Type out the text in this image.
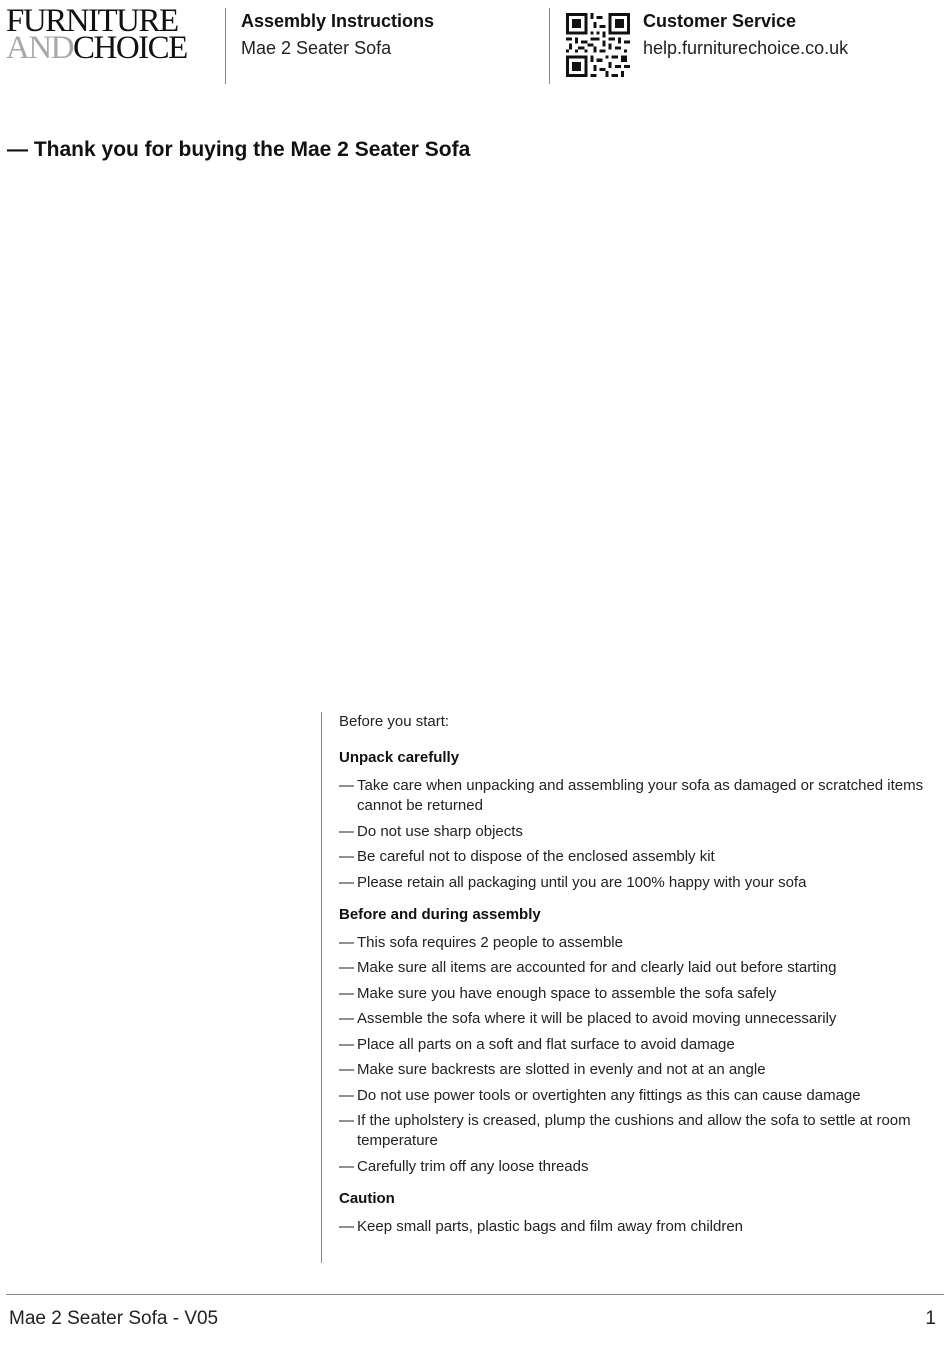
FURNITURE
ANDCHOICE
Assembly Instructions
Mae 2 Seater Sofa
Customer Service
help.furniturechoice.co.uk
— Thank you for buying the Mae 2 Seater Sofa
Before you start:
Unpack carefully
— Take care when unpacking and assembling your sofa as damaged or scratched items cannot be returned
— Do not use sharp objects
— Be careful not to dispose of the enclosed assembly kit
— Please retain all packaging until you are 100% happy with your sofa
Before and during assembly
— This sofa requires 2 people to assemble
— Make sure all items are accounted for and clearly laid out before starting
— Make sure you have enough space to assemble the sofa safely
— Assemble the sofa where it will be placed to avoid moving unnecessarily
— Place all parts on a soft and flat surface to avoid damage
— Make sure backrests are slotted in evenly and not at an angle
— Do not use power tools or overtighten any fittings as this can cause damage
— If the upholstery is creased, plump the cushions and allow the sofa to settle at room temperature
— Carefully trim off any loose threads
Caution
— Keep small parts, plastic bags and film away from children
Mae 2 Seater Sofa - V05	1
